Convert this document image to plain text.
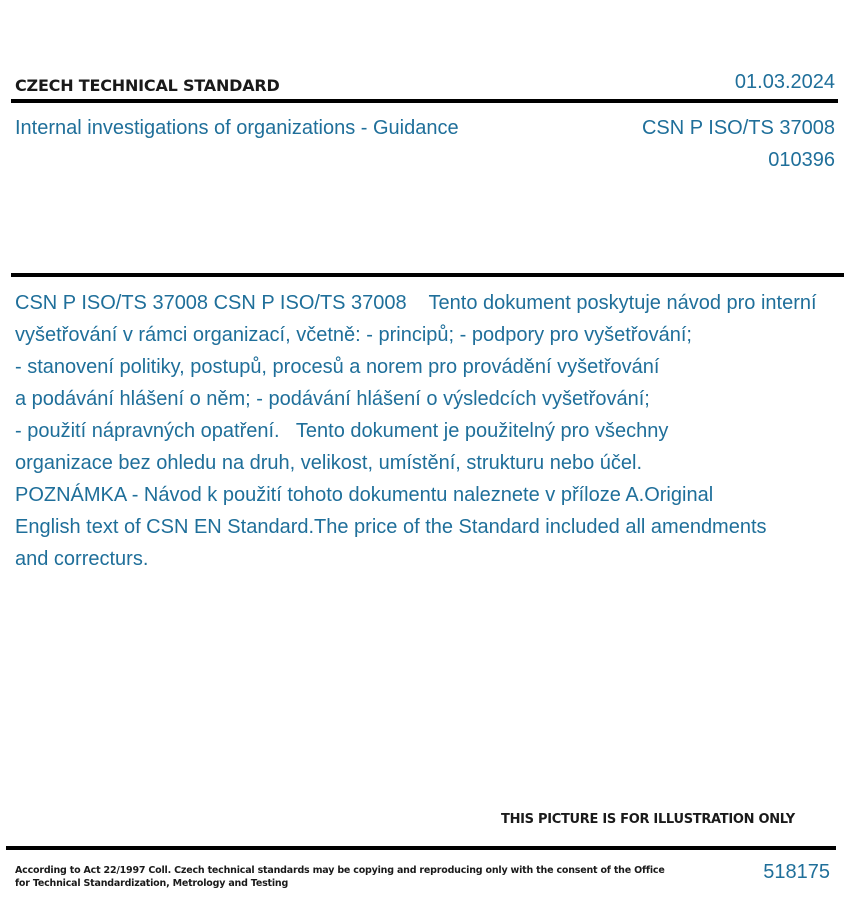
CZECH TECHNICAL STANDARD	01.03.2024
Internal investigations of organizations - Guidance	CSN P ISO/TS 37008
010396
CSN P ISO/TS 37008 CSN P ISO/TS 37008    Tento dokument poskytuje návod pro interní
vyšetřování v rámci organizací, včetně: - principů; - podpory pro vyšetřování;
- stanovení politiky, postupů, procesů a norem pro provádění vyšetřování
a podávání hlášení o něm; - podávání hlášení o výsledcích vyšetřování;
- použití nápravných opatření.   Tento dokument je použitelný pro všechny
organizace bez ohledu na druh, velikost, umístění, strukturu nebo účel.
POZNÁMKA - Návod k použití tohoto dokumentu naleznete v příloze A.Original
English text of CSN EN Standard.The price of the Standard included all amendments
and correcturs.
THIS PICTURE IS FOR ILLUSTRATION ONLY
According to Act 22/1997 Coll. Czech technical standards may be copying and reproducing only with the consent of the Office
for Technical Standardization, Metrology and Testing
518175
